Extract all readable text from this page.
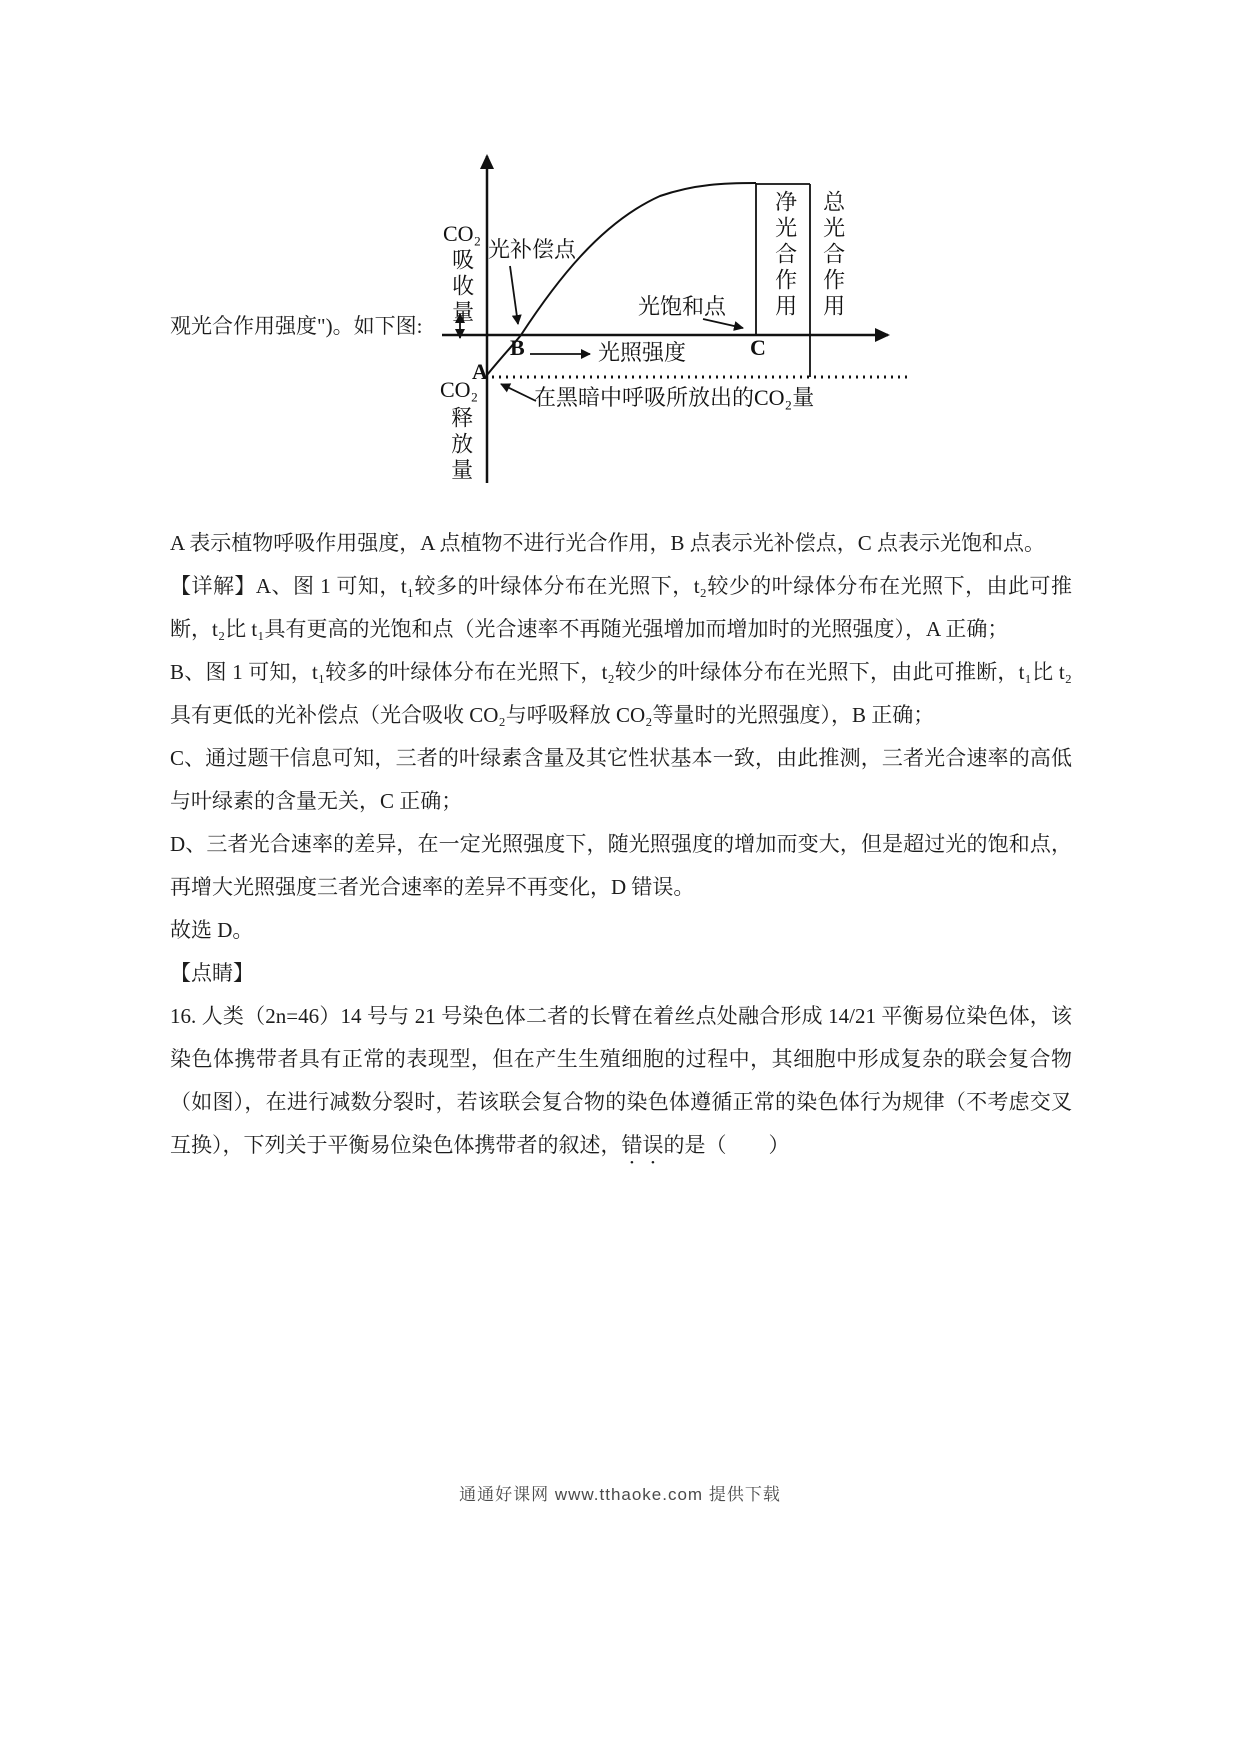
观光合作用强度")。如下图:
CO₂
吸收量
CO₂
释放量
光补偿点
光饱和点
光照强度
净光合作用 总光合作用
在黑暗中呼吸所放出的CO₂量
A
B	C

A 表示植物呼吸作用强度，A 点植物不进行光合作用，B 点表示光补偿点，C 点表示光饱和点。

【详解】A、图 1 可知，t₁较多的叶绿体分布在光照下，t₂较少的叶绿体分布在光照下，由此可推断，t₂比 t₁具有更高的光饱和点（光合速率不再随光强增加而增加时的光照强度），A 正确；

B、图 1 可知，t₁较多的叶绿体分布在光照下，t₂较少的叶绿体分布在光照下，由此可推断，t₁比 t₂具有更低的光补偿点（光合吸收 CO₂与呼吸释放 CO₂等量时的光照强度），B 正确；

C、通过题干信息可知，三者的叶绿素含量及其它性状基本一致，由此推测，三者光合速率的高低与叶绿素的含量无关，C 正确；

D、三者光合速率的差异，在一定光照强度下，随光照强度的增加而变大，但是超过光的饱和点，再增大光照强度三者光合速率的差异不再变化，D 错误。

故选 D。

【点睛】

16. 人类（2n=46）14 号与 21 号染色体二者的长臂在着丝点处融合形成 14/21 平衡易位染色体，该染色体携带者具有正常的表现型，但在产生生殖细胞的过程中，其细胞中形成复杂的联会复合物（如图），在进行减数分裂时，若该联会复合物的染色体遵循正常的染色体行为规律（不考虑交叉互换），下列关于平衡易位染色体携带者的叙述，错误的是（　　）

通通好课网 www.tthaoke.com 提供下载
